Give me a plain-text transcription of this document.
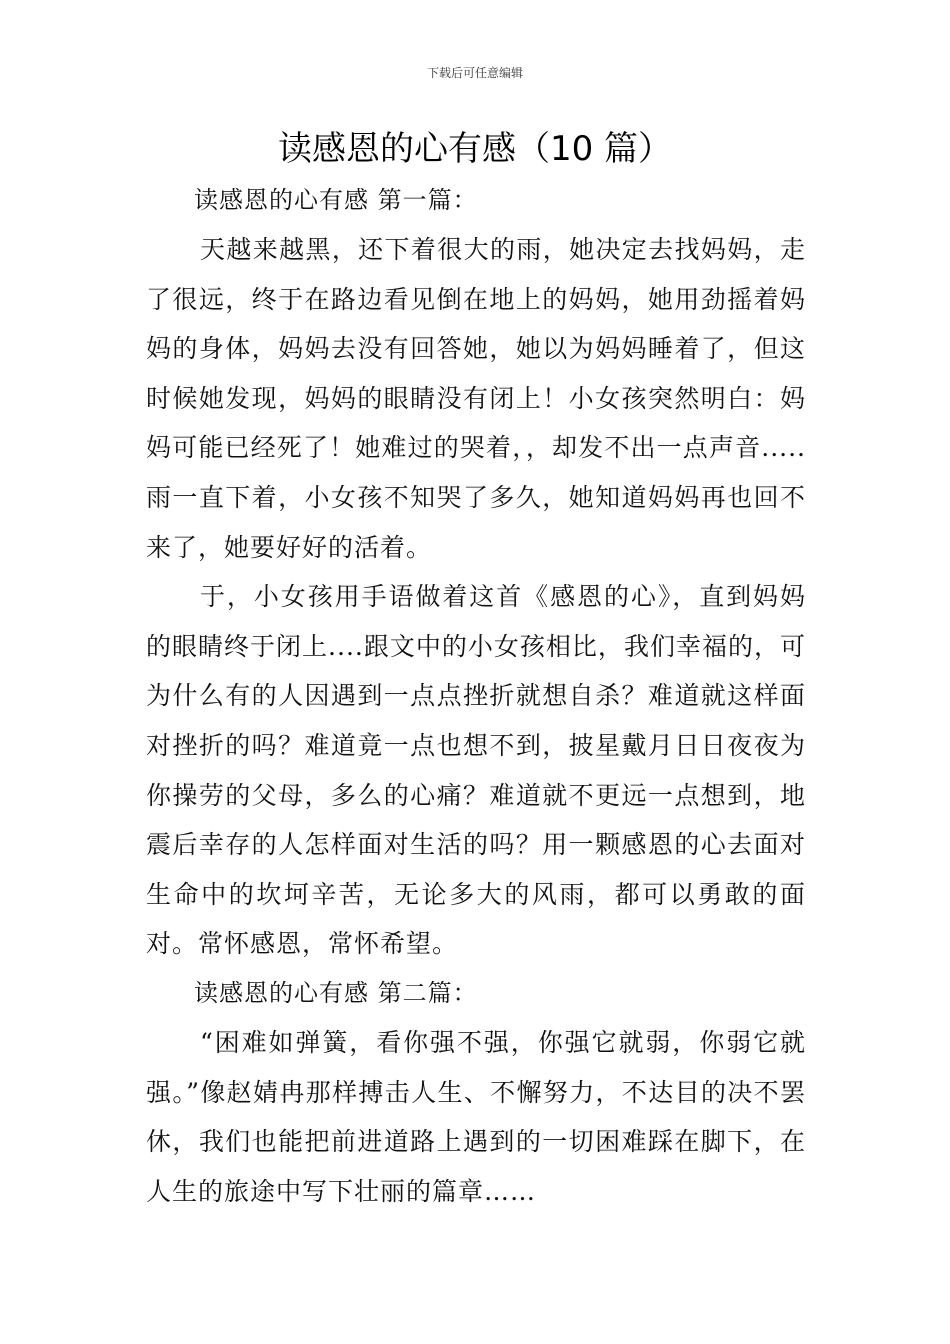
下载后可任意编辑
读感恩的心有感（10 篇）

读感恩的心有感 第一篇：

天越来越黑，还下着很大的雨，她决定去找妈妈，走了很远，终于在路边看见倒在地上的妈妈，她用劲摇着妈妈的身体，妈妈去没有回答她，她以为妈妈睡着了，但这时候她发现，妈妈的眼睛没有闭上！小女孩突然明白：妈妈可能已经死了！她难过的哭着，，却发不出一点声音.....雨一直下着，小女孩不知哭了多久，她知道妈妈再也回不来了，她要好好的活着。

于，小女孩用手语做着这首《感恩的心》，直到妈妈的眼睛终于闭上....跟文中的小女孩相比，我们幸福的，可为什么有的人因遇到一点点挫折就想自杀？难道就这样面对挫折的吗？难道竟一点也想不到，披星戴月日日夜夜为你操劳的父母，多么的心痛？难道就不更远一点想到，地震后幸存的人怎样面对生活的吗？用一颗感恩的心去面对生命中的坎坷辛苦，无论多大的风雨，都可以勇敢的面对。常怀感恩，常怀希望。

读感恩的心有感 第二篇：

“困难如弹簧，看你强不强，你强它就弱，你弱它就强。”像赵婧冉那样搏击人生、不懈努力，不达目的决不罢休，我们也能把前进道路上遇到的一切困难踩在脚下，在人生的旅途中写下壮丽的篇章……
